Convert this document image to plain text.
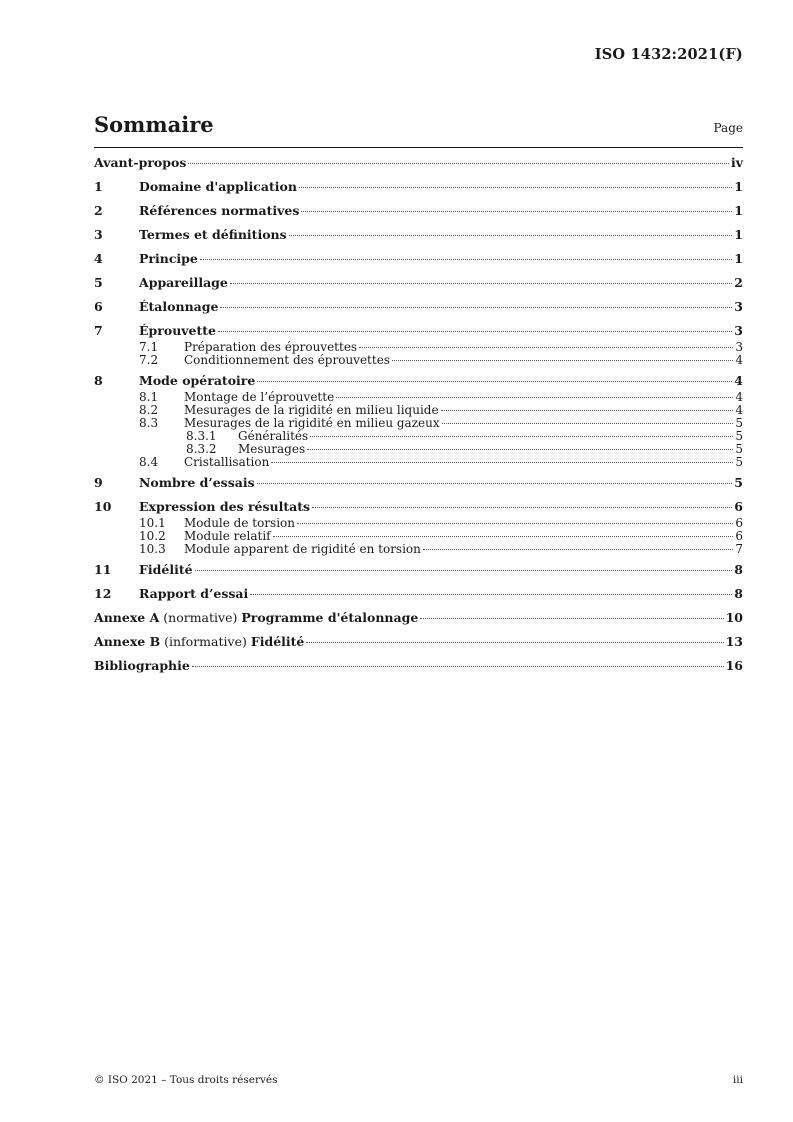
ISO 1432:2021(F)
Sommaire	Page
Avant-propos	iv
1	Domaine d'application	1
2	Références normatives	1
3	Termes et définitions	1
4	Principe	1
5	Appareillage	2
6	Étalonnage	3
7	Éprouvette	3
7.1	Préparation des éprouvettes	3
7.2	Conditionnement des éprouvettes	4
8	Mode opératoire	4
8.1	Montage de l’éprouvette	4
8.2	Mesurages de la rigidité en milieu liquide	4
8.3	Mesurages de la rigidité en milieu gazeux	5
8.3.1	Généralités	5
8.3.2	Mesurages	5
8.4	Cristallisation	5
9	Nombre d’essais	5
10	Expression des résultats	6
10.1	Module de torsion	6
10.2	Module relatif	6
10.3	Module apparent de rigidité en torsion	7
11	Fidélité	8
12	Rapport d’essai	8
Annexe A (normative) Programme d'étalonnage	10
Annexe B (informative) Fidélité	13
Bibliographie	16
© ISO 2021 – Tous droits réservés	iii
